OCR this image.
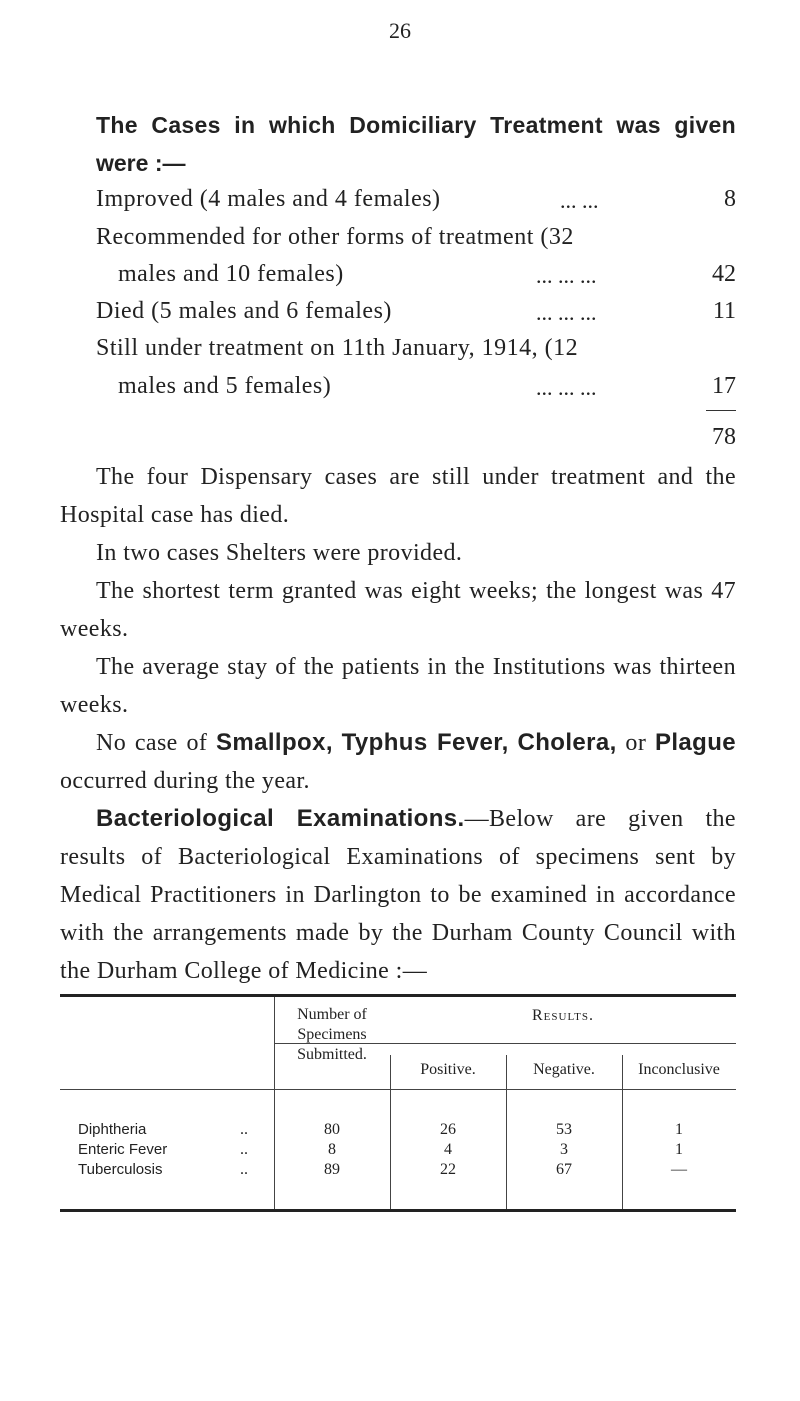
26
The Cases in which Domiciliary Treatment was given
were :—
Improved (4 males and 4 females)	... ...	8
Recommended for other forms of treatment (32
males and 10 females)	... ... ...	42
Died (5 males and 6 females)	... ... ...	11
Still under treatment on 11th January, 1914, (12
males and 5 females)	... ... ...	17
78

The four Dispensary cases are still under treatment and the Hospital case has died.

In two cases Shelters were provided.

The shortest term granted was eight weeks; the longest was 47 weeks.

The average stay of the patients in the Institutions was thirteen weeks.

No case of Smallpox, Typhus Fever, Cholera, or Plague occurred during the year.

Bacteriological Examinations.—Below are given the results of Bacteriological Examinations of specimens sent by Medical Practitioners in Darlington to be examined in accordance with the arrangements made by the Durham County Council with the Durham College of Medicine :—

Number of
Specimens
Submitted.
Results.
Positive.	Negative.	Inconclusive
Diphtheria	..	80	26	53	1
Enteric Fever	..	8	4	3	1
Tuberculosis	..	89	22	67	—
